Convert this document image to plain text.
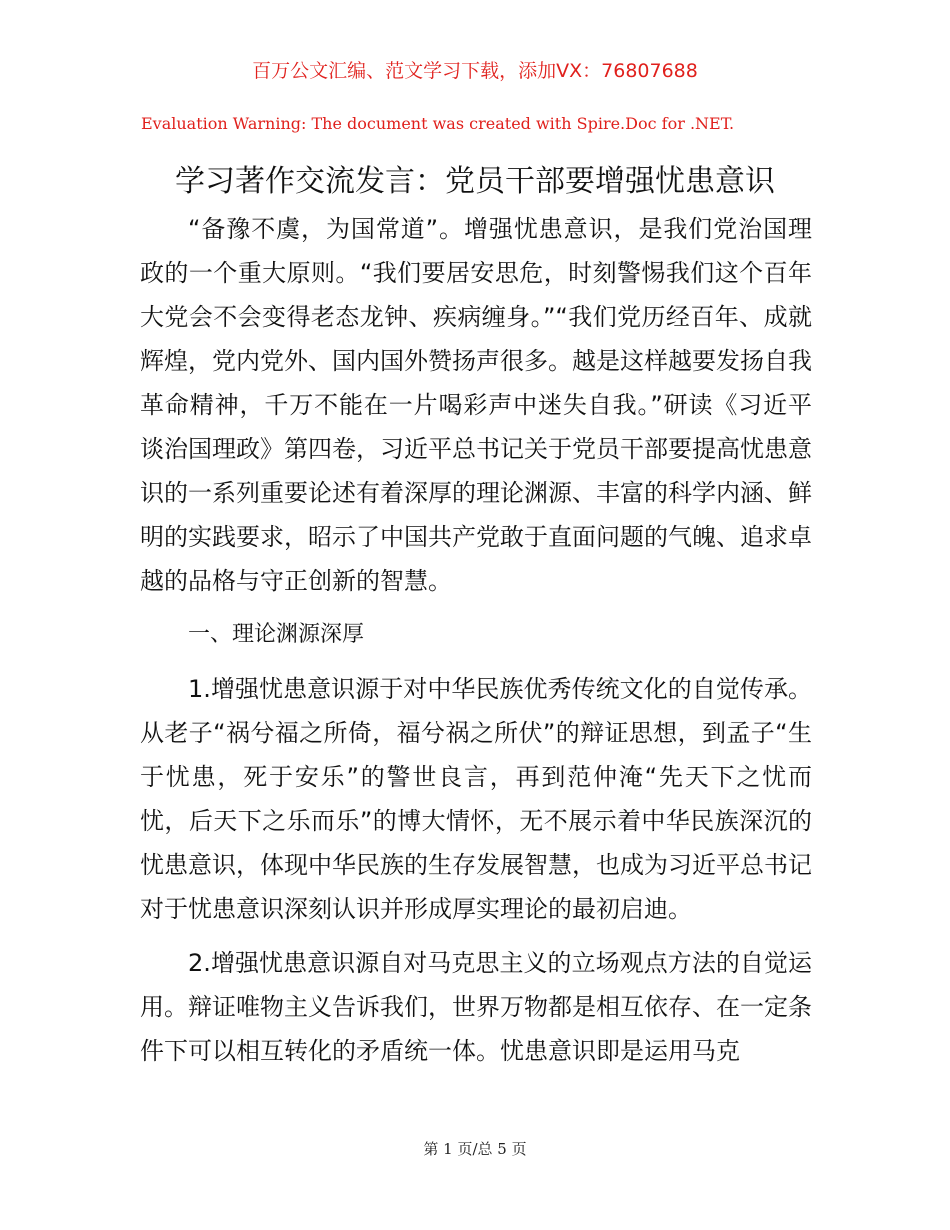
百万公文汇编、范文学习下载，添加VX：76807688
Evaluation Warning: The document was created with Spire.Doc for .NET.
学习著作交流发言：党员干部要增强忧患意识

“备豫不虞，为国常道”。增强忧患意识，是我们党治国理政的一个重大原则。“我们要居安思危，时刻警惕我们这个百年大党会不会变得老态龙钟、疾病缠身。”“我们党历经百年、成就辉煌，党内党外、国内国外赞扬声很多。越是这样越要发扬自我革命精神，千万不能在一片喝彩声中迷失自我。”研读《习近平谈治国理政》第四卷，习近平总书记关于党员干部要提高忧患意识的一系列重要论述有着深厚的理论渊源、丰富的科学内涵、鲜明的实践要求，昭示了中国共产党敢于直面问题的气魄、追求卓越的品格与守正创新的智慧。

一、理论渊源深厚

1.增强忧患意识源于对中华民族优秀传统文化的自觉传承。从老子“祸兮福之所倚，福兮祸之所伏”的辩证思想，到孟子“生于忧患，死于安乐”的警世良言，再到范仲淹“先天下之忧而忧，后天下之乐而乐”的博大情怀，无不展示着中华民族深沉的忧患意识，体现中华民族的生存发展智慧，也成为习近平总书记对于忧患意识深刻认识并形成厚实理论的最初启迪。

2.增强忧患意识源自对马克思主义的立场观点方法的自觉运用。辩证唯物主义告诉我们，世界万物都是相互依存、在一定条件下可以相互转化的矛盾统一体。忧患意识即是运用马克

第 1 页/总 5 页
